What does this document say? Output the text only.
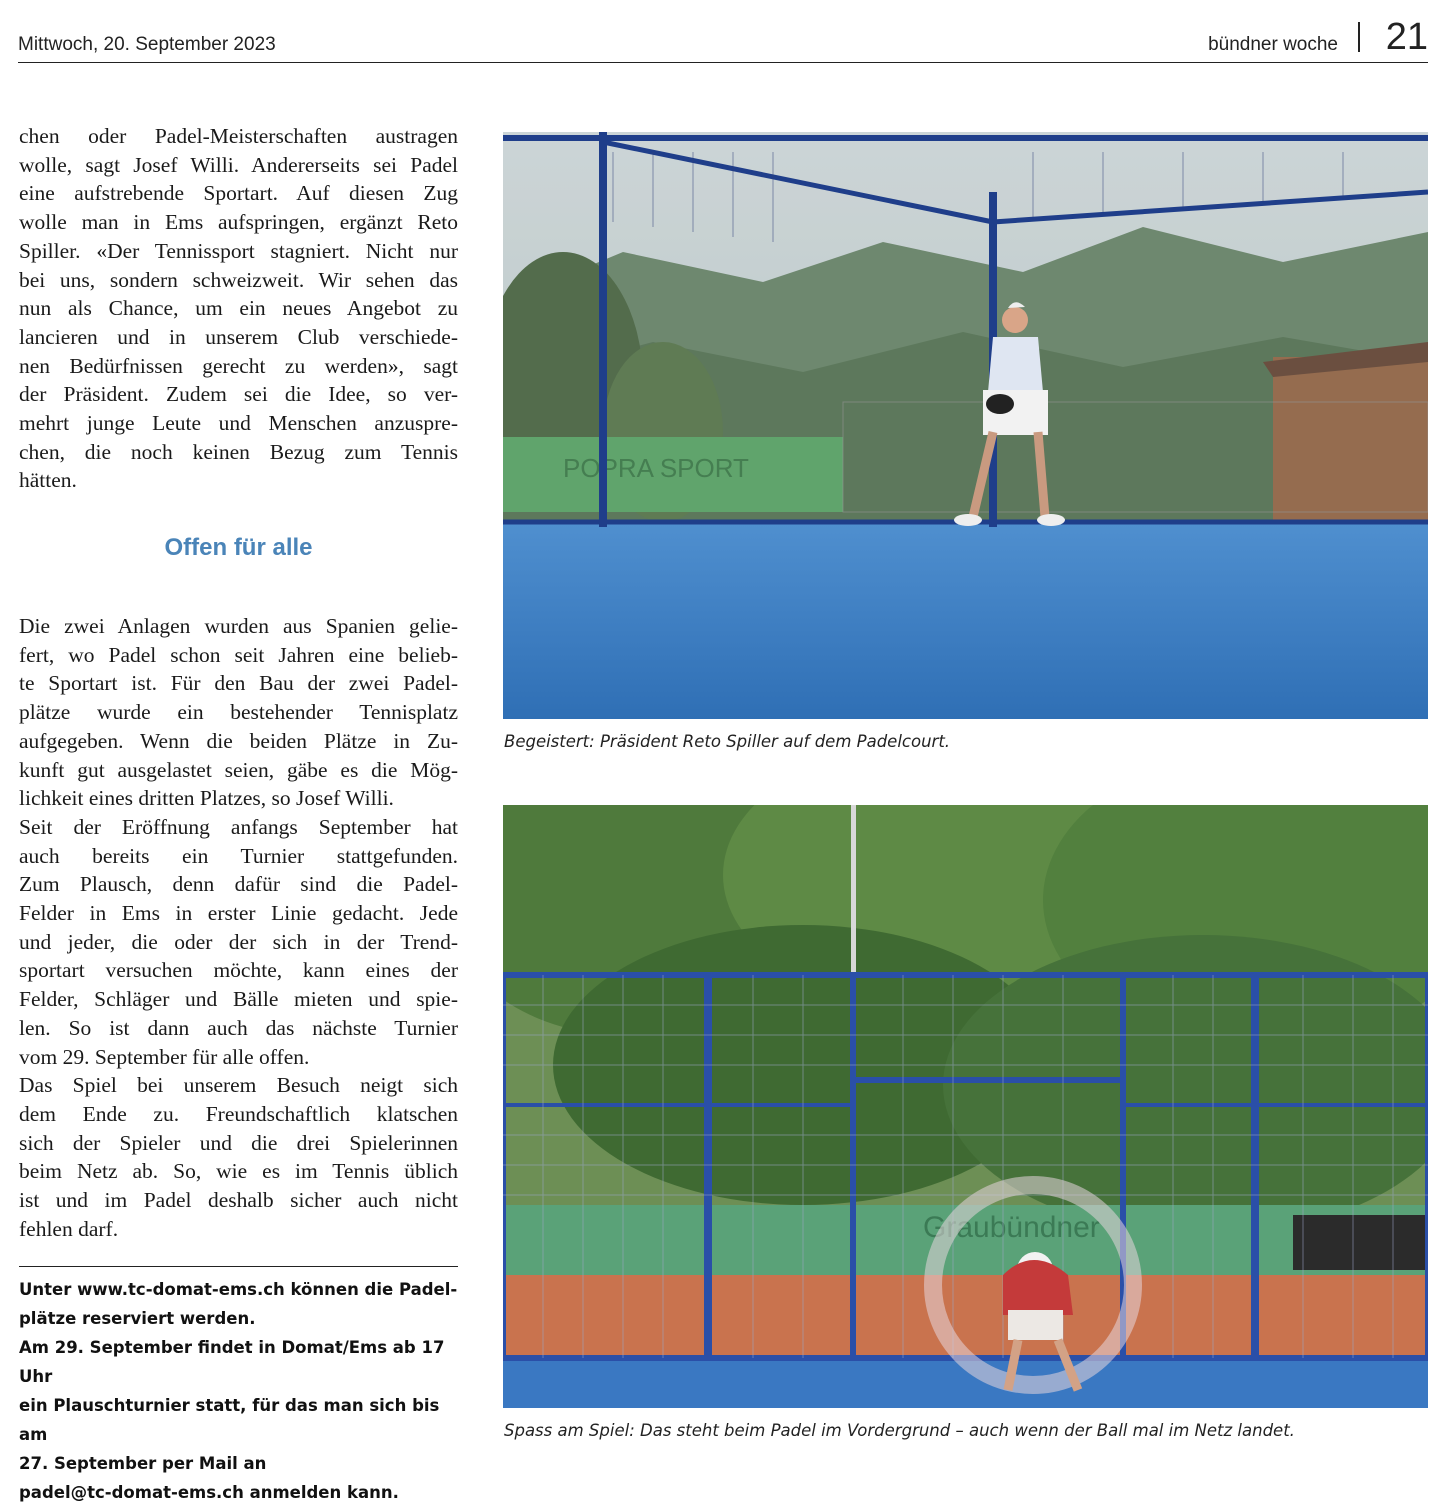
Mittwoch, 20. September 2023	bündner woche 21

chen oder Padel-Meisterschaften austragen
wolle, sagt Josef Willi. Andererseits sei Padel
eine aufstrebende Sportart. Auf diesen Zug
wolle man in Ems aufspringen, ergänzt Reto
Spiller. «Der Tennissport stagniert. Nicht nur
bei uns, sondern schweizweit. Wir sehen das
nun als Chance, um ein neues Angebot zu
lancieren und in unserem Club verschiede-
nen Bedürfnissen gerecht zu werden», sagt
der Präsident. Zudem sei die Idee, so ver-
mehrt junge Leute und Menschen anzuspre-
chen, die noch keinen Bezug zum Tennis
hätten.

Offen für alle

Die zwei Anlagen wurden aus Spanien gelie-
fert, wo Padel schon seit Jahren eine belieb-
te Sportart ist. Für den Bau der zwei Padel-
plätze wurde ein bestehender Tennisplatz
aufgegeben. Wenn die beiden Plätze in Zu-
kunft gut ausgelastet seien, gäbe es die Mög-
lichkeit eines dritten Platzes, so Josef Willi.
Seit der Eröffnung anfangs September hat
auch bereits ein Turnier stattgefunden.
Zum Plausch, denn dafür sind die Padel-
Felder in Ems in erster Linie gedacht. Jede
und jeder, die oder der sich in der Trend-
sportart versuchen möchte, kann eines der
Felder, Schläger und Bälle mieten und spie-
len. So ist dann auch das nächste Turnier
vom 29. September für alle offen.
Das Spiel bei unserem Besuch neigt sich
dem Ende zu. Freundschaftlich klatschen
sich der Spieler und die drei Spielerinnen
beim Netz ab. So, wie es im Tennis üblich
ist und im Padel deshalb sicher auch nicht
fehlen darf.

Unter www.tc-domat-ems.ch können die Padel-

plätze reserviert werden.

Am 29. September findet in Domat/Ems ab 17 Uhr

ein Plauschturnier statt, für das man sich bis am

27. September per Mail an

padel@tc-domat-ems.ch anmelden kann.

POPRA SPORT
Begeistert: Präsident Reto Spiller auf dem Padelcourt.
Graubündner
Spass am Spiel: Das steht beim Padel im Vordergrund – auch wenn der Ball mal im Netz landet.
